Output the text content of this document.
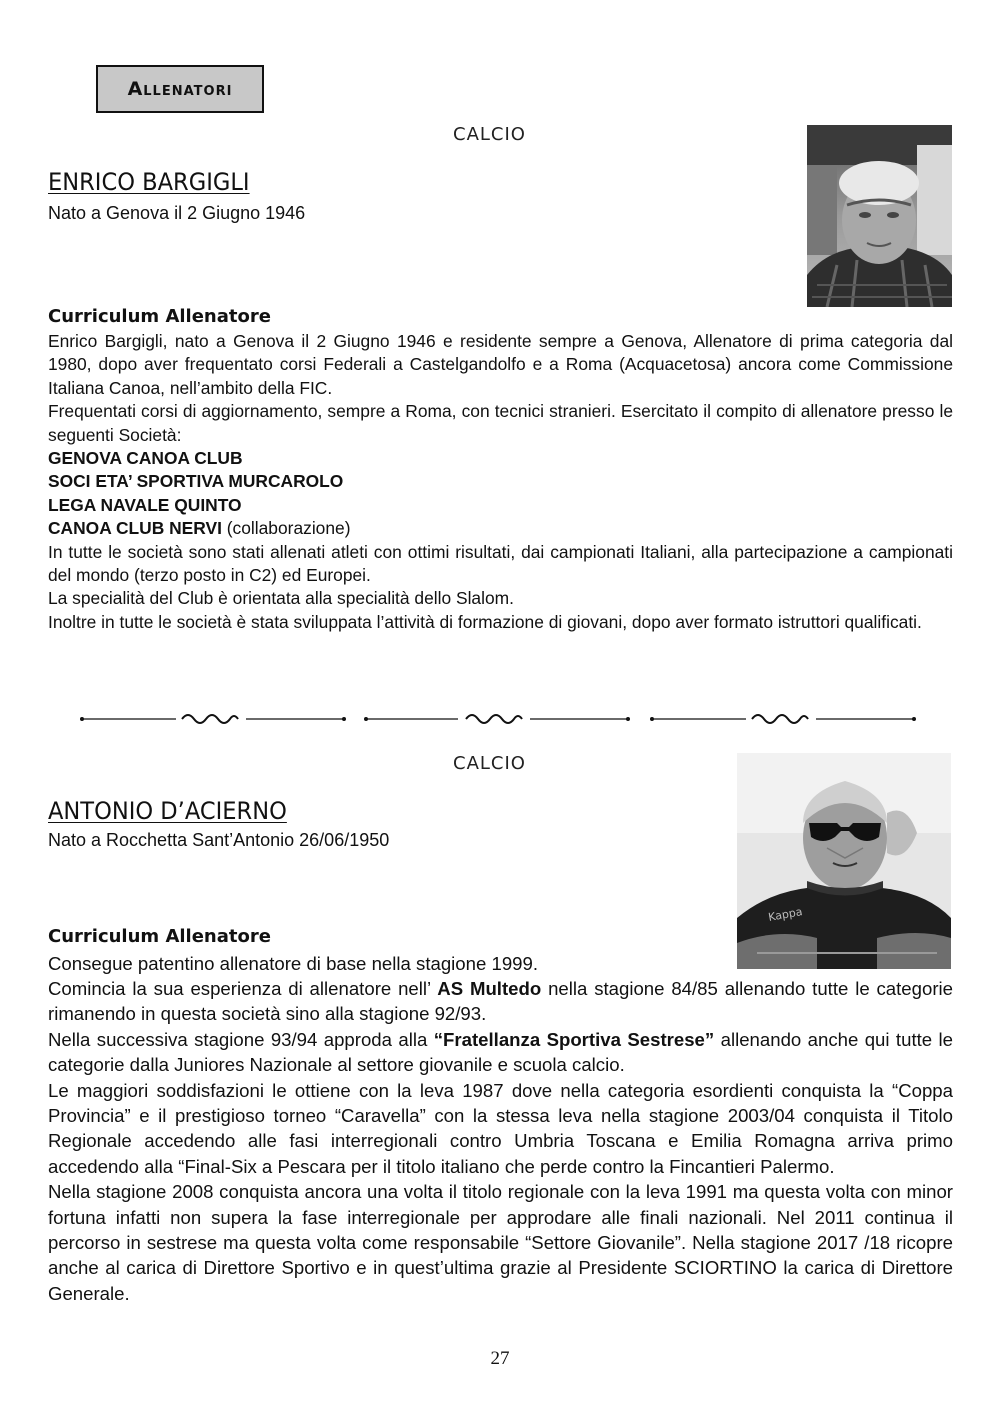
Allenatori
CALCIO
ENRICO BARGIGLI
Nato a Genova il 2 Giugno 1946
Curriculum Allenatore

Enrico Bargigli, nato a Genova il 2 Giugno 1946 e residente sempre a Genova, Allenatore di prima categoria dal 1980, dopo aver frequentato corsi Federali a Castelgandolfo e a Roma (Acquacetosa) ancora come Commissione Italiana Canoa, nell’ambito della FIC.

Frequentati corsi di aggiornamento, sempre a Roma, con tecnici stranieri. Esercitato il compito di allenatore presso le seguenti Società:

GENOVA CANOA CLUB

SOCI ETA’ SPORTIVA MURCAROLO

LEGA NAVALE QUINTO

CANOA CLUB NERVI (collaborazione)

In tutte le società sono stati allenati atleti con ottimi risultati, dai campionati Italiani, alla partecipazione a campionati del mondo (terzo posto in C2) ed Europei.

La specialità del Club è orientata alla specialità dello Slalom.

Inoltre in tutte le società è stata sviluppata l’attività di formazione di giovani, dopo aver formato istruttori qualificati.

CALCIO
ANTONIO D’ACIERNO
Nato a Rocchetta Sant’Antonio 26/06/1950
Kappa
Curriculum Allenatore

Consegue patentino allenatore di base nella stagione 1999.

Comincia la sua esperienza di allenatore nell’ AS Multedo nella stagione 84/85 allenando tutte le categorie rimanendo in questa società sino alla stagione 92/93.

Nella successiva stagione 93/94 approda alla “Fratellanza Sportiva Sestrese” allenando anche qui tutte le categorie dalla Juniores Nazionale al settore giovanile e scuola calcio.

Le maggiori soddisfazioni le ottiene con la leva 1987 dove nella categoria esordienti conquista la “Coppa Provincia” e il prestigioso torneo “Caravella” con la stessa leva nella stagione 2003/04 conquista il Titolo Regionale accedendo alle fasi interregionali contro Umbria Toscana e Emilia Romagna arriva primo accedendo alla “Final-Six a Pescara per il titolo italiano che perde contro la Fincantieri Palermo.

Nella stagione 2008 conquista ancora una volta il titolo regionale con la leva 1991 ma questa volta con minor fortuna infatti non supera la fase interregionale per approdare alle finali nazionali. Nel 2011 continua il percorso in sestrese ma questa volta come responsabile “Settore Giovanile”. Nella stagione 2017 /18 ricopre anche al carica di Direttore Sportivo e in quest’ultima grazie al Presidente SCIORTINO la carica di Direttore Generale.

27
